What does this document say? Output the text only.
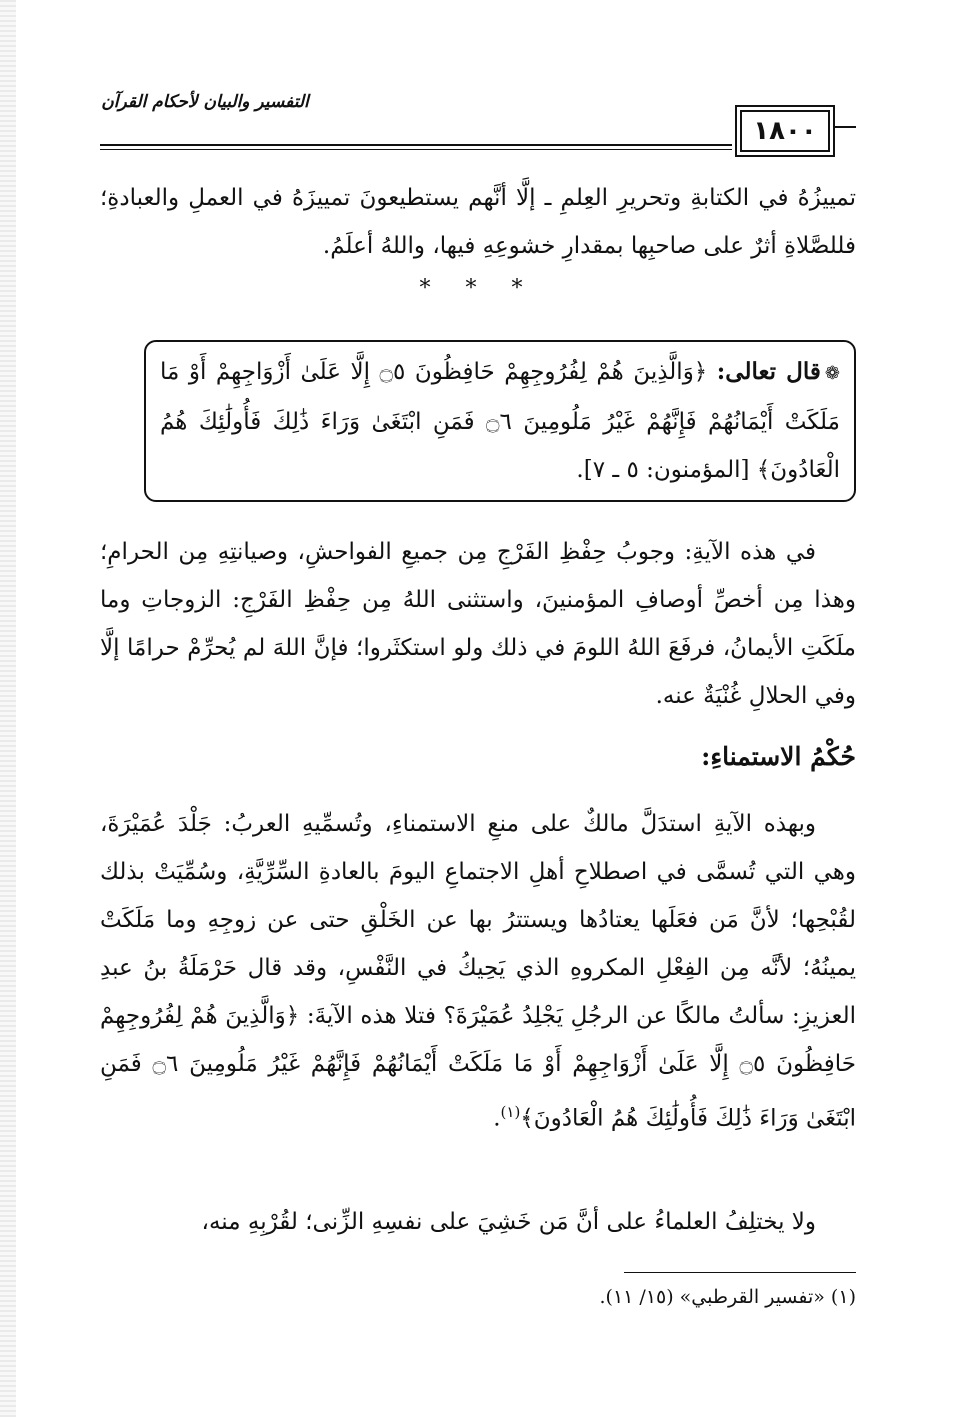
١٨٠٠
التفسير والبيان لأحكام القرآن
تمييزُهُ في الكتابةِ وتحريرِ العِلمِ ـ إلَّا أنَّهم يستطيعونَ تمييزَهُ في العملِ والعبادةِ؛ فللصَّلاةِ أثرٌ على صاحبِها بمقدارِ خشوعِهِ فيها، واللهُ أعلَمُ.
* * *
❁قال تعالى: ﴿وَالَّذِينَ هُمْ لِفُرُوجِهِمْ حَافِظُونَ ۝٥ إِلَّا عَلَىٰ أَزْوَاجِهِمْ أَوْ مَا مَلَكَتْ أَيْمَانُهُمْ فَإِنَّهُمْ غَيْرُ مَلُومِينَ ۝٦ فَمَنِ ابْتَغَىٰ وَرَاءَ ذَٰلِكَ فَأُولَٰئِكَ هُمُ الْعَادُونَ﴾ [المؤمنون: ٥ ـ ٧].
في هذه الآيةِ: وجوبُ حِفْظِ الفَرْجِ مِن جميعِ الفواحشِ، وصيانتِهِ مِن الحرامِ؛ وهذا مِن أخصِّ أوصافِ المؤمنينَ، واستثنى اللهُ مِن حِفْظِ الفَرْجِ: الزوجاتِ وما ملَكَتِ الأيمانُ، فرفَعَ اللهُ اللومَ في ذلك ولو استكثَروا؛ فإنَّ اللهَ لم يُحرِّمْ حرامًا إلَّا وفي الحلالِ غُنْيَةٌ عنه.
حُكْمُ الاستمناءِ:
وبهذه الآيةِ استدَلَّ مالكٌ على منعِ الاستمناءِ، وتُسمِّيهِ العربُ: جَلْدَ عُمَيْرَةَ، وهي التي تُسمَّى في اصطلاحِ أهلِ الاجتماعِ اليومَ بالعادةِ السِّرِّيَّةِ، وسُمِّيَتْ بذلك لقُبْحِها؛ لأنَّ مَن فعَلَها يعتادُها ويستترُ بها عن الخَلْقِ حتى عن زوجِهِ وما مَلَكَتْ يمينُهُ؛ لأنَّه مِن الفِعْلِ المكروهِ الذي يَحِيكُ في النَّفْسِ، وقد قال حَرْمَلَةُ بنُ عبدِ العزيزِ: سألتُ مالكًا عن الرجُلِ يَجْلِدُ عُمَيْرَةَ؟ فتلا هذه الآيةَ: ﴿وَالَّذِينَ هُمْ لِفُرُوجِهِمْ حَافِظُونَ ۝٥ إِلَّا عَلَىٰ أَزْوَاجِهِمْ أَوْ مَا مَلَكَتْ أَيْمَانُهُمْ فَإِنَّهُمْ غَيْرُ مَلُومِينَ ۝٦ فَمَنِ ابْتَغَىٰ وَرَاءَ ذَٰلِكَ فَأُولَٰئِكَ هُمُ الْعَادُونَ﴾$^{(١)}$.
ولا يختلِفُ العلماءُ على أنَّ مَن خَشِيَ على نفسِهِ الزِّنى؛ لقُرْبِهِ منه،
(١) «تفسير القرطبي» (١٥/ ١١).
